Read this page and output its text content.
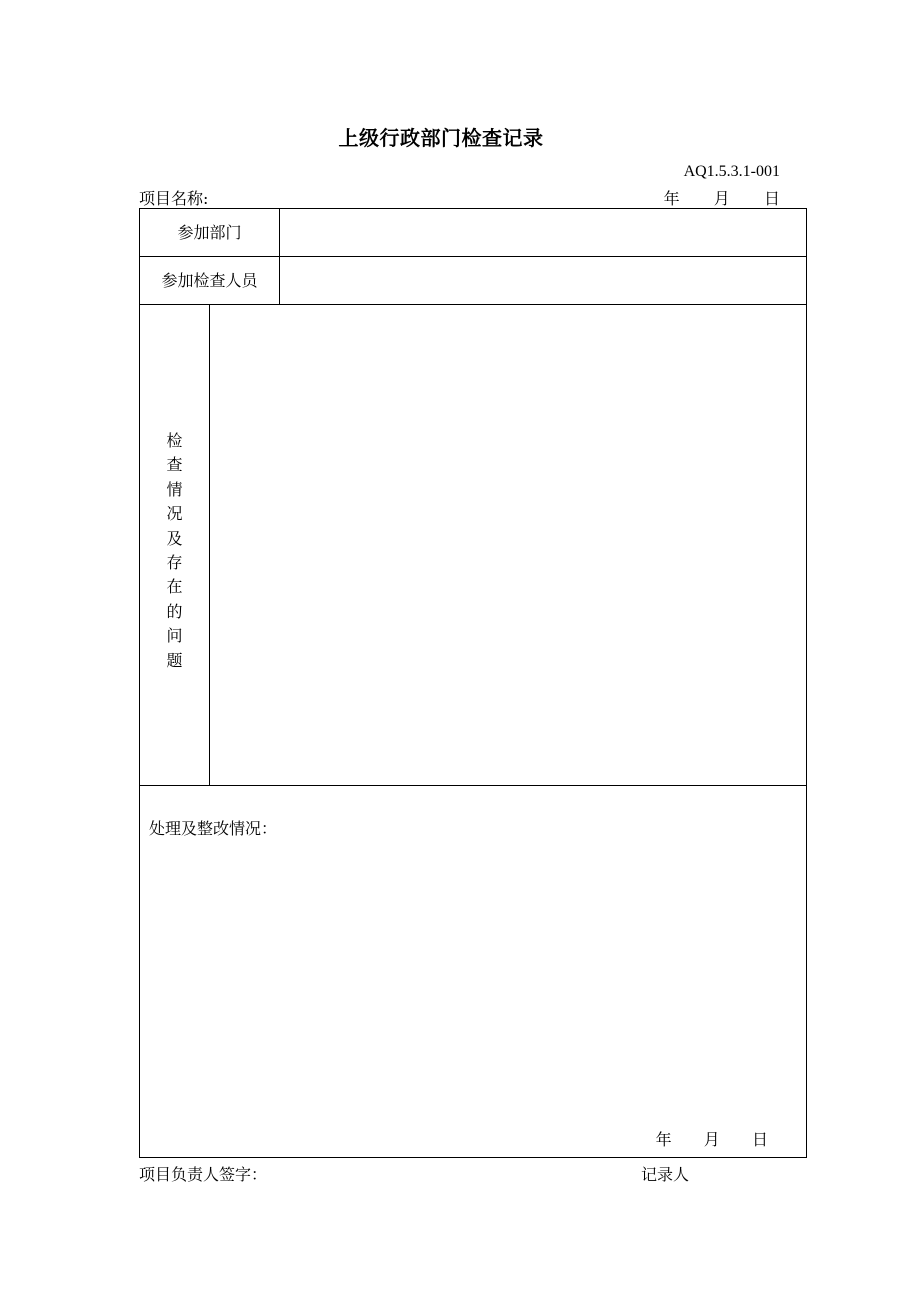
上级行政部门检查记录
AQ1.5.3.1-001
项目名称:	年 月 日
参加部门
参加检查人员
检
查
情
况
及
存
在
的
问
题
处理及整改情况：
年 月 日
项目负责人签字：	记录人
